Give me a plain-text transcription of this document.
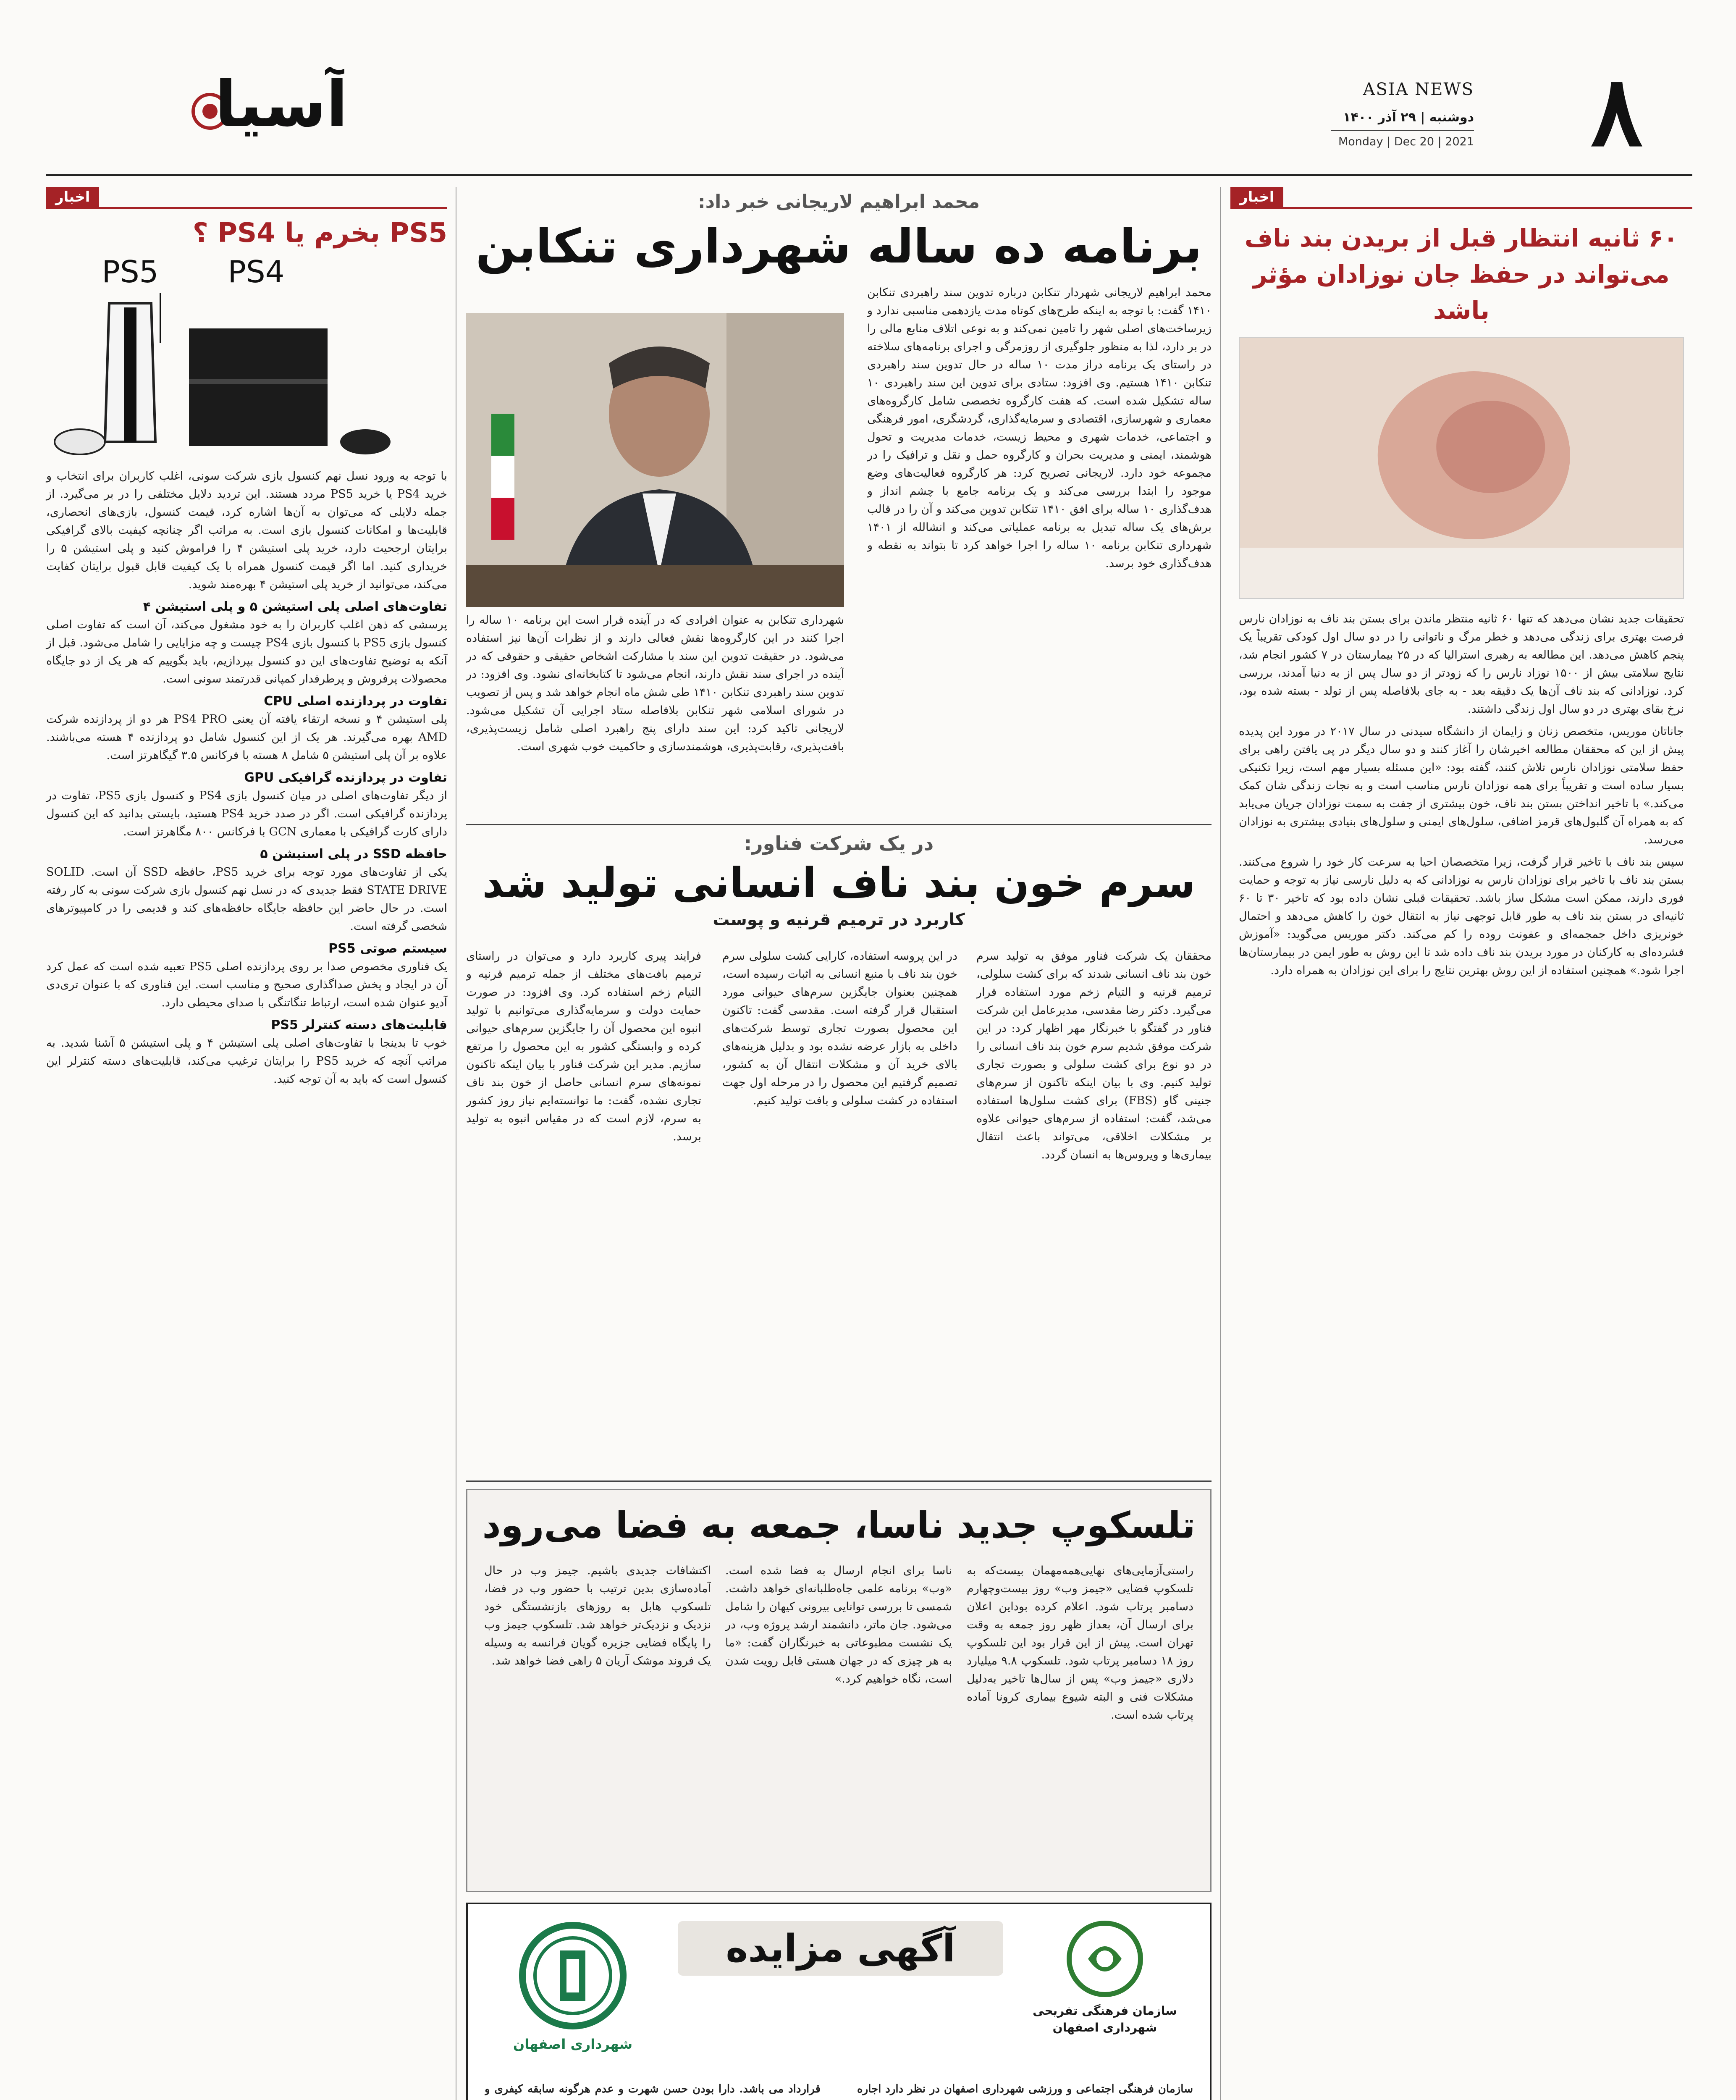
۸
ASIA NEWS
دوشنبه | ۲۹ آذر ۱۴۰۰
Monday | Dec 20 | 2021
آسیا
اخبار
۶۰ ثانیه انتظار قبل از بریدن بند ناف می‌تواند در حفظ جان نوزادان مؤثر باشد
تحقیقات جدید نشان می‌دهد که تنها ۶۰ ثانیه منتظر ماندن برای بستن بند ناف به نوزادان نارس فرصت بهتری برای زندگی می‌دهد و خطر مرگ و ناتوانی را در دو سال اول کودکی تقریباً یک پنجم کاهش می‌دهد. این مطالعه به رهبری استرالیا که در ۲۵ بیمارستان در ۷ کشور انجام شد، نتایج سلامتی بیش از ۱۵۰۰ نوزاد نارس را که زودتر از دو سال پس از به دنیا آمدند، بررسی کرد. نوزادانی که بند ناف آن‌ها یک دقیقه بعد - به جای بلافاصله پس از تولد - بسته شده بود، نرخ بقای بهتری در دو سال اول زندگی داشتند.
جاناتان موریس، متخصص زنان و زایمان از دانشگاه سیدنی در سال ۲۰۱۷ در مورد این پدیده پیش از این که محققان مطالعه اخیرشان را آغاز کنند و دو سال دیگر در پی یافتن راهی برای حفظ سلامتی نوزادان نارس تلاش کنند، گفته بود: «این مسئله بسیار مهم است، زیرا تکنیکی بسیار ساده است و تقریباً برای همه نوزادان نارس مناسب است و به نجات زندگی شان کمک می‌کند.» با تاخیر انداختن بستن بند ناف، خون بیشتری از جفت به سمت نوزادان جریان می‌یابد که به همراه آن گلبول‌های قرمز اضافی، سلول‌های ایمنی و سلول‌های بنیادی بیشتری به نوزادان می‌رسد.
سپس بند ناف با تاخیر قرار گرفت، زیرا متخصصان احیا به سرعت کار خود را شروع می‌کنند. بستن بند ناف با تاخیر برای نوزادان نارس به نوزادانی که به دلیل نارسی نیاز به توجه و حمایت فوری دارند، ممکن است مشکل ساز باشد. تحقیقات قبلی نشان داده بود که تاخیر ۳۰ تا ۶۰ ثانیه‌ای در بستن بند ناف به طور قابل توجهی نیاز به انتقال خون را کاهش می‌دهد و احتمال خونریزی داخل جمجمه‌ای و عفونت روده را کم می‌کند. دکتر موریس می‌گوید: «آموزش فشرده‌ای به کارکنان در مورد بریدن بند ناف داده شد تا این روش به طور ایمن در بیمارستان‌ها اجرا شود.» همچنین استفاده از این روش بهترین نتایج را برای این نوزادان به همراه دارد.
اخبار
PS5 بخرم یا PS4 ؟
PS5 PS4
با توجه به ورود نسل نهم کنسول بازی شرکت سونی، اغلب کاربران برای انتخاب و خرید PS4 یا خرید PS5 مردد هستند. این تردید دلایل مختلفی را در بر می‌گیرد. از جمله دلایلی که می‌توان به آن‌ها اشاره کرد، قیمت کنسول، بازی‌های انحصاری، قابلیت‌ها و امکانات کنسول بازی است. به مراتب اگر چنانچه کیفیت بالای گرافیکی برایتان ارجحیت دارد، خرید پلی استیشن ۴ را فراموش کنید و پلی استیشن ۵ را خریداری کنید. اما اگر قیمت کنسول همراه با یک کیفیت قابل قبول برایتان کفایت می‌کند، می‌توانید از خرید پلی استیشن ۴ بهره‌مند شوید.
تفاوت‌های اصلی پلی استیشن ۵ و پلی استیشن ۴
پرسشی که ذهن اغلب کاربران را به خود مشغول می‌کند، آن است که تفاوت اصلی کنسول بازی PS5 با کنسول بازی PS4 چیست و چه مزایایی را شامل می‌شود. قبل از آنکه به توضیح تفاوت‌های این دو کنسول بپردازیم، باید بگوییم که هر یک از دو جایگاه محصولات پرفروش و پرطرفدار کمپانی قدرتمند سونی است.
تفاوت در پردازنده اصلی CPU
پلی استیشن ۴ و نسخه ارتقاء یافته آن یعنی PS4 PRO هر دو از پردازنده شرکت AMD بهره می‌گیرند. هر یک از این کنسول شامل دو پردازنده ۴ هسته می‌باشند. علاوه بر آن پلی استیشن ۵ شامل ۸ هسته با فرکانس ۳.۵ گیگاهرتز است.
تفاوت در پردازنده گرافیکی GPU
از دیگر تفاوت‌های اصلی در میان کنسول بازی PS4 و کنسول بازی PS5، تفاوت در پردازنده گرافیکی است. اگر در صدد خرید PS4 هستید، بایستی بدانید که این کنسول دارای کارت گرافیکی با معماری GCN با فرکانس ۸۰۰ مگاهرتز است.
حافظه SSD در پلی استیشن ۵
یکی از تفاوت‌های مورد توجه برای خرید PS5، حافظه SSD آن است. SOLID STATE DRIVE فقط جدیدی که در نسل نهم کنسول بازی شرکت سونی به کار رفته است. در حال حاضر این حافظه جایگاه حافظه‌های کند و قدیمی را در کامپیوترهای شخصی گرفته است.
سیستم صوتی PS5
یک فناوری مخصوص صدا بر روی پردازنده اصلی PS5 تعبیه شده است که عمل کرد آن در ایجاد و پخش صداگذاری صحیح و مناسب است. این فناوری که با عنوان تری‌دی آدیو عنوان شده است، ارتباط تنگاتنگی با صدای محیطی دارد.
قابلیت‌های دسته کنترلر PS5
خوب تا بدینجا با تفاوت‌های اصلی پلی استیشن ۴ و پلی استیشن ۵ آشنا شدید. به مراتب آنچه که خرید PS5 را برایتان ترغیب می‌کند، قابلیت‌های دسته کنترلر این کنسول است که باید به آن توجه کنید.
محمد ابراهیم لاریجانی خبر داد:
برنامه ده ساله شهرداری تنکابن
محمد ابراهیم لاریجانی شهردار تنکابن درباره تدوین سند راهبردی تنکابن ۱۴۱۰ گفت: با توجه به اینکه طرح‌های کوتاه مدت یازدهمی مناسبی ندارد و زیرساخت‌های اصلی شهر را تامین نمی‌کند و به نوعی اتلاف منابع مالی را در بر دارد، لذا به منظور جلوگیری از روزمرگی و اجرای برنامه‌های سلاخته در راستای یک برنامه دراز مدت ۱۰ ساله در حال تدوین سند راهبردی تنکابن ۱۴۱۰ هستیم. وی افزود: ستادی برای تدوین این سند راهبردی ۱۰ ساله تشکیل شده است. که هفت کارگروه تخصصی شامل کارگروه‌های معماری و شهرسازی، اقتصادی و سرمایه‌گذاری، گردشگری، امور فرهنگی و اجتماعی، خدمات شهری و محیط زیست، خدمات مدیریت و تحول هوشمند، ایمنی و مدیریت بحران و کارگروه حمل و نقل و ترافیک را در مجموعه خود دارد. لاریجانی تصریح کرد: هر کارگروه فعالیت‌های وضع موجود را ابتدا بررسی می‌کند و یک برنامه جامع با چشم انداز و هدف‌گذاری ۱۰ ساله برای افق ۱۴۱۰ تنکابن تدوین می‌کند و آن را در قالب برش‌های یک ساله تبدیل به برنامه عملیاتی می‌کند و انشالله از ۱۴۰۱ شهرداری تنکابن برنامه ۱۰ ساله را اجرا خواهد کرد تا بتواند به نقطه و هدف‌گذاری خود برسد.
شهرداری تنکابن به عنوان افرادی که در آینده قرار است این برنامه ۱۰ ساله را اجرا کنند در این کارگروه‌ها نقش فعالی دارند و از نظرات آن‌ها نیز استفاده می‌شود. در حقیقت تدوین این سند با مشارکت اشخاص حقیقی و حقوقی که در آینده در اجرای سند نقش دارند، انجام می‌شود تا کتابخانه‌ای نشود. وی افزود: در تدوین سند راهبردی تنکابن ۱۴۱۰ طی شش ماه انجام خواهد شد و پس از تصویب در شورای اسلامی شهر تنکابن بلافاصله ستاد اجرایی آن تشکیل می‌شود. لاریجانی تاکید کرد: این سند دارای پنج راهبرد اصلی شامل زیست‌پذیری، بافت‌پذیری، رقابت‌پذیری، هوشمندسازی و حاکمیت خوب شهری است.
در یک شرکت فناور:
سرم خون بند ناف انسانی تولید شد
کاربرد در ترمیم قرنیه و پوست
محققان یک شرکت فناور موفق به تولید سرم خون بند ناف انسانی شدند که برای کشت سلولی، ترمیم قرنیه و التیام زخم مورد استفاده قرار می‌گیرد. دکتر رضا مقدسی، مدیرعامل این شرکت فناور در گفتگو با خبرنگار مهر اظهار کرد: در این شرکت موفق شدیم سرم خون بند ناف انسانی را در دو نوع برای کشت سلولی و بصورت تجاری تولید کنیم. وی با بیان اینکه تاکنون از سرم‌های جنینی گاو (FBS) برای کشت سلول‌ها استفاده می‌شد، گفت: استفاده از سرم‌های حیوانی علاوه بر مشکلات اخلاقی، می‌تواند باعث انتقال بیماری‌ها و ویروس‌ها به انسان گردد.
در این پروسه استفاده، کارایی کشت سلولی سرم خون بند ناف با منبع انسانی به اثبات رسیده است، همچنین بعنوان جایگزین سرم‌های حیوانی مورد استقبال قرار گرفته است. مقدسی گفت: تاکنون این محصول بصورت تجاری توسط شرکت‌های داخلی به بازار عرضه نشده بود و بدلیل هزینه‌های بالای خرید آن و مشکلات انتقال آن به کشور، تصمیم گرفتیم این محصول را در مرحله اول جهت استفاده در کشت سلولی و بافت تولید کنیم.
فرایند پیری کاربرد دارد و می‌توان در راستای ترمیم بافت‌های مختلف از جمله ترمیم قرنیه و التیام زخم استفاده کرد. وی افزود: در صورت حمایت دولت و سرمایه‌گذاری می‌توانیم با تولید انبوه این محصول آن را جایگزین سرم‌های حیوانی کرده و وابستگی کشور به این محصول را مرتفع سازیم. مدیر این شرکت فناور با بیان اینکه تاکنون نمونه‌های سرم انسانی حاصل از خون بند ناف تجاری نشده، گفت: ما توانسته‌ایم نیاز روز کشور به سرم، لازم است که در مقیاس انبوه به تولید برسد.
تلسکوپ جدید ناسا، جمعه به فضا می‌رود
راستی‌آزمایی‌های نهایی‌همه‌مهمان بیست‌که به تلسکوپ فضایی «جیمز وب» روز بیست‌وچهارم دسامبر پرتاب شود. اعلام کرده بود‌این اعلان برای ارسال آن، بعداز ظهر روز جمعه به وقت تهران است. پیش از این قرار بود این تلسکوپ روز ۱۸ دسامبر پرتاب شود. تلسکوپ ۹.۸ میلیارد دلاری «جیمز وب» پس از سال‌ها تاخیر به‌دلیل مشکلات فنی و البته شیوع بیماری کرونا آماده پرتاب شده است.
ناسا برای انجام ارسال به فضا شده است. «وب» برنامه علمی جاه‌طلبانه‌ای خواهد داشت. شمسی تا بررسی توانایی بیرونی کیهان را شامل می‌شود. جان ماتر، دانشمند ارشد پروژه وب، در یک نشست مطبوعاتی به خبرنگاران گفت: «ما به هر چیزی که در جهان هستی قابل رویت شدن است، نگاه خواهیم کرد.»
اکتشافات جدیدی باشیم. جیمز وب در حال آماده‌سازی بدین ترتیب با حضور وب در فضا، تلسکوپ هابل به روزهای بازنشستگی خود نزدیک و نزدیک‌تر خواهد شد. تلسکوپ جیمز وب را پایگاه فضایی جزیره گویان فرانسه به وسیله یک فروند موشک آریان ۵ راهی فضا خواهد شد.
سازمان فرهنگی تفریحی شهرداری اصفهان
آگهی مزایده
شهرداری اصفهان
سازمان فرهنگی اجتماعی و ورزشی شهرداری اصفهان در نظر دارد اجاره
قرارداد می باشد. دارا بودن حسن شهرت و عدم هرگونه سابقه کیفری و
